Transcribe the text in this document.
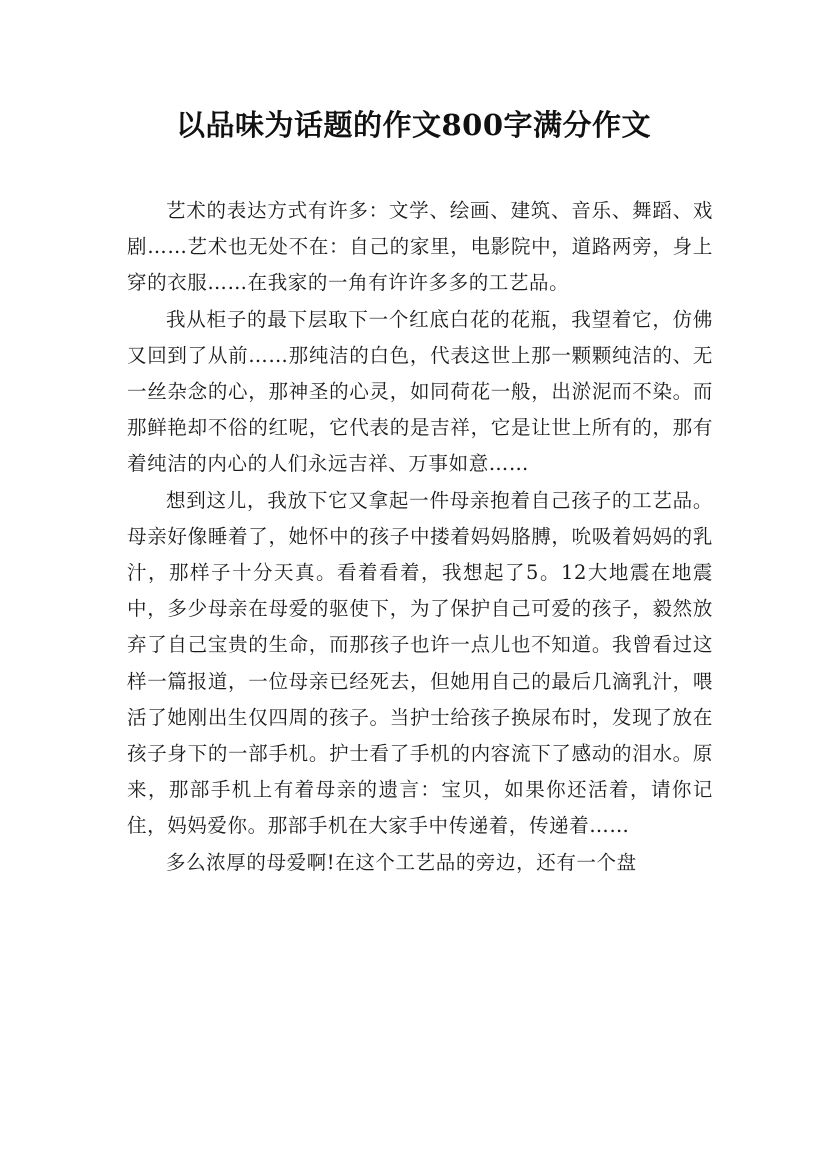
以品味为话题的作文800字满分作文

艺术的表达方式有许多：文学、绘画、建筑、音乐、舞蹈、戏剧……艺术也无处不在：自己的家里，电影院中，道路两旁，身上穿的衣服……在我家的一角有许许多多的工艺品。

我从柜子的最下层取下一个红底白花的花瓶，我望着它，仿佛又回到了从前……那纯洁的白色，代表这世上那一颗颗纯洁的、无一丝杂念的心，那神圣的心灵，如同荷花一般，出淤泥而不染。而那鲜艳却不俗的红呢，它代表的是吉祥，它是让世上所有的，那有着纯洁的内心的人们永远吉祥、万事如意……

想到这儿，我放下它又拿起一件母亲抱着自己孩子的工艺品。母亲好像睡着了，她怀中的孩子中搂着妈妈胳膊，吮吸着妈妈的乳汁，那样子十分天真。看着看着，我想起了5。12大地震在地震中，多少母亲在母爱的驱使下，为了保护自己可爱的孩子，毅然放弃了自己宝贵的生命，而那孩子也许一点儿也不知道。我曾看过这样一篇报道，一位母亲已经死去，但她用自己的最后几滴乳汁，喂活了她刚出生仅四周的孩子。当护士给孩子换尿布时，发现了放在孩子身下的一部手机。护士看了手机的内容流下了感动的泪水。原来，那部手机上有着母亲的遗言：宝贝，如果你还活着，请你记住，妈妈爱你。那部手机在大家手中传递着，传递着……

多么浓厚的母爱啊!在这个工艺品的旁边，还有一个盘
